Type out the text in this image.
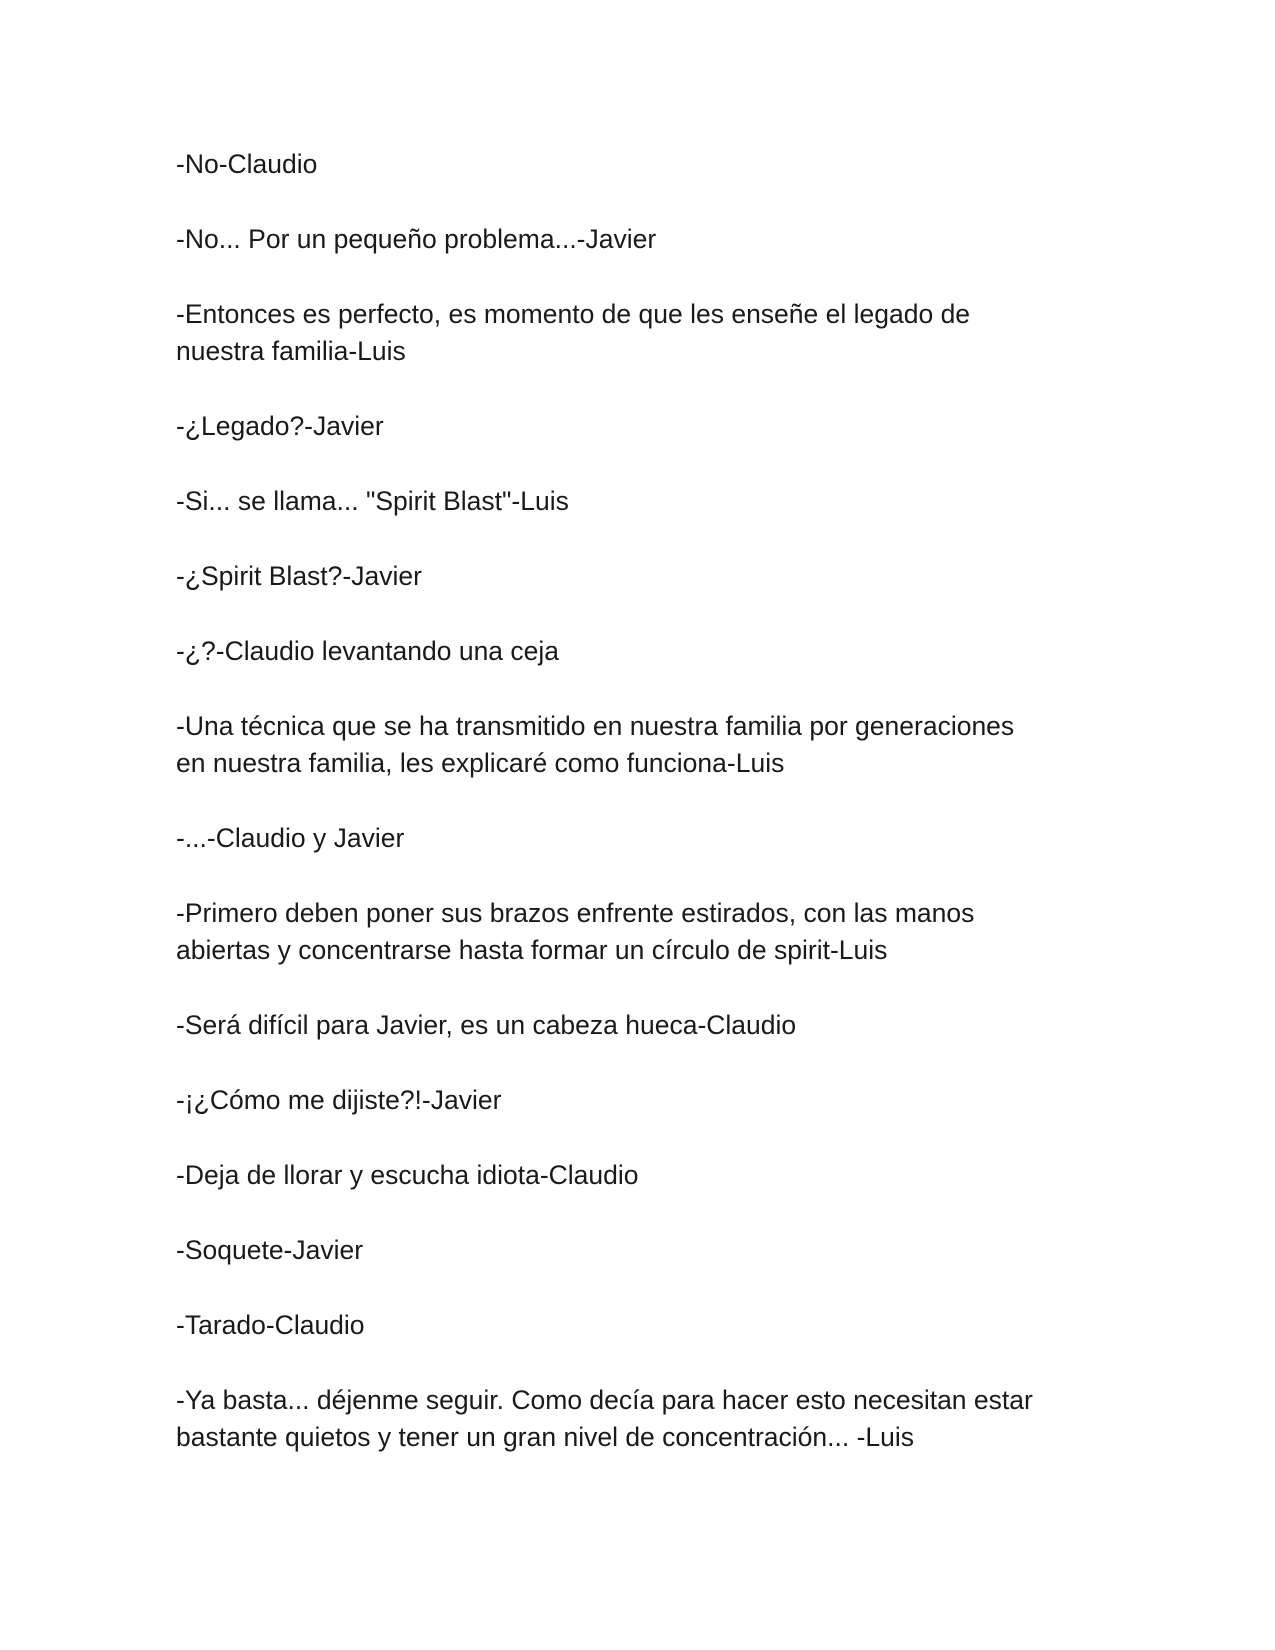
-No-Claudio

-No... Por un pequeño problema...-Javier

-Entonces es perfecto, es momento de que les enseñe el legado de
nuestra familia-Luis

-¿Legado?-Javier

-Si... se llama... "Spirit Blast"-Luis

-¿Spirit Blast?-Javier

-¿?-Claudio levantando una ceja

-Una técnica que se ha transmitido en nuestra familia por generaciones
en nuestra familia, les explicaré como funciona-Luis

-...-Claudio y Javier

-Primero deben poner sus brazos enfrente estirados, con las manos
abiertas y concentrarse hasta formar un círculo de spirit-Luis

-Será difícil para Javier, es un cabeza hueca-Claudio

-¡¿Cómo me dijiste?!-Javier

-Deja de llorar y escucha idiota-Claudio

-Soquete-Javier

-Tarado-Claudio

-Ya basta... déjenme seguir. Como decía para hacer esto necesitan estar
bastante quietos y tener un gran nivel de concentración... -Luis
